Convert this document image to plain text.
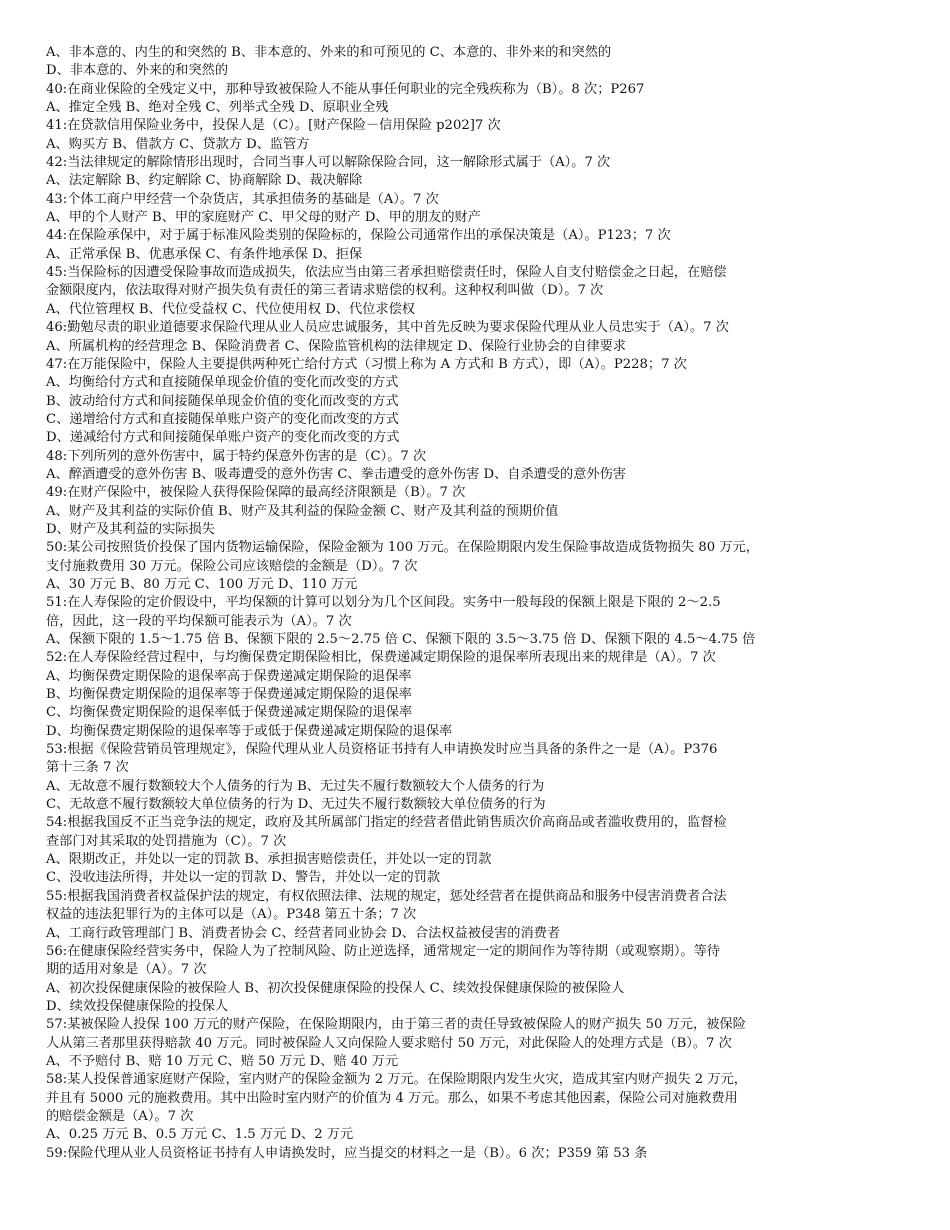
A、非本意的、内生的和突然的 B、非本意的、外来的和可预见的 C、本意的、非外来的和突然的
D、非本意的、外来的和突然的
40:在商业保险的全残定义中，那种导致被保险人不能从事任何职业的完全残疾称为（B）。8 次；P267
A、推定全残 B、绝对全残 C、列举式全残 D、原职业全残
41:在贷款信用保险业务中，投保人是（C）。[财产保险－信用保险 p202]7 次
A、购买方 B、借款方 C、贷款方 D、监管方
42:当法律规定的解除情形出现时，合同当事人可以解除保险合同，这一解除形式属于（A）。7 次
A、法定解除 B、约定解除 C、协商解除 D、裁决解除
43:个体工商户甲经营一个杂货店，其承担债务的基础是（A）。7 次
A、甲的个人财产 B、甲的家庭财产 C、甲父母的财产 D、甲的朋友的财产
44:在保险承保中，对于属于标准风险类别的保险标的，保险公司通常作出的承保决策是（A）。P123；7 次
A、正常承保 B、优惠承保 C、有条件地承保 D、拒保
45:当保险标的因遭受保险事故而造成损失，依法应当由第三者承担赔偿责任时，保险人自支付赔偿金之日起，在赔偿
金额限度内，依法取得对财产损失负有责任的第三者请求赔偿的权利。这种权利叫做（D）。7 次
A、代位管理权 B、代位受益权 C、代位使用权 D、代位求偿权
46:勤勉尽责的职业道德要求保险代理从业人员应忠诚服务，其中首先反映为要求保险代理从业人员忠实于（A）。7 次
A、所属机构的经营理念 B、保险消费者 C、保险监管机构的法律规定 D、保险行业协会的自律要求
47:在万能保险中，保险人主要提供两种死亡给付方式（习惯上称为 A 方式和 B 方式），即（A）。P228；7 次
A、均衡给付方式和直接随保单现金价值的变化而改变的方式
B、波动给付方式和间接随保单现金价值的变化而改变的方式
C、递增给付方式和直接随保单账户资产的变化而改变的方式
D、递减给付方式和间接随保单账户资产的变化而改变的方式
48:下列所列的意外伤害中，属于特约保意外伤害的是（C）。7 次
A、醉酒遭受的意外伤害 B、吸毒遭受的意外伤害 C、拳击遭受的意外伤害 D、自杀遭受的意外伤害
49:在财产保险中，被保险人获得保险保障的最高经济限额是（B）。7 次
A、财产及其利益的实际价值 B、财产及其利益的保险金额 C、财产及其利益的预期价值
D、财产及其利益的实际损失
50:某公司按照货价投保了国内货物运输保险，保险金额为 100 万元。在保险期限内发生保险事故造成货物损失 80 万元，
支付施救费用 30 万元。保险公司应该赔偿的金额是（D）。7 次
A、30 万元 B、80 万元 C、100 万元 D、110 万元
51:在人寿保险的定价假设中，平均保额的计算可以划分为几个区间段。实务中一般每段的保额上限是下限的 2～2.5
倍，因此，这一段的平均保额可能表示为（A）。7 次
A、保额下限的 1.5～1.75 倍 B、保额下限的 2.5～2.75 倍 C、保额下限的 3.5～3.75 倍 D、保额下限的 4.5～4.75 倍
52:在人寿保险经营过程中，与均衡保费定期保险相比，保费递减定期保险的退保率所表现出来的规律是（A）。7 次
A、均衡保费定期保险的退保率高于保费递减定期保险的退保率
B、均衡保费定期保险的退保率等于保费递减定期保险的退保率
C、均衡保费定期保险的退保率低于保费递减定期保险的退保率
D、均衡保费定期保险的退保率等于或低于保费递减定期保险的退保率
53:根据《保险营销员管理规定》，保险代理从业人员资格证书持有人申请换发时应当具备的条件之一是（A）。P376
第十三条 7 次
A、无故意不履行数额较大个人债务的行为 B、无过失不履行数额较大个人债务的行为
C、无故意不履行数额较大单位债务的行为 D、无过失不履行数额较大单位债务的行为
54:根据我国反不正当竞争法的规定，政府及其所属部门指定的经营者借此销售质次价高商品或者滥收费用的，监督检
查部门对其采取的处罚措施为（C）。7 次
A、限期改正，并处以一定的罚款 B、承担损害赔偿责任，并处以一定的罚款
C、没收违法所得，并处以一定的罚款 D、警告，并处以一定的罚款
55:根据我国消费者权益保护法的规定，有权依照法律、法规的规定，惩处经营者在提供商品和服务中侵害消费者合法
权益的违法犯罪行为的主体可以是（A）。P348 第五十条；7 次
A、工商行政管理部门 B、消费者协会 C、经营者同业协会 D、合法权益被侵害的消费者
56:在健康保险经营实务中，保险人为了控制风险、防止逆选择，通常规定一定的期间作为等待期（或观察期）。等待
期的适用对象是（A）。7 次
A、初次投保健康保险的被保险人 B、初次投保健康保险的投保人 C、续效投保健康保险的被保险人
D、续效投保健康保险的投保人
57:某被保险人投保 100 万元的财产保险，在保险期限内，由于第三者的责任导致被保险人的财产损失 50 万元，被保险
人从第三者那里获得赔款 40 万元。同时被保险人又向保险人要求赔付 50 万元，对此保险人的处理方式是（B）。7 次
A、不予赔付 B、赔 10 万元 C、赔 50 万元 D、赔 40 万元
58:某人投保普通家庭财产保险，室内财产的保险金额为 2 万元。在保险期限内发生火灾，造成其室内财产损失 2 万元，
并且有 5000 元的施救费用。其中出险时室内财产的价值为 4 万元。那么，如果不考虑其他因素，保险公司对施救费用
的赔偿金额是（A）。7 次
A、0.25 万元 B、0.5 万元 C、1.5 万元 D、2 万元
59:保险代理从业人员资格证书持有人申请换发时，应当提交的材料之一是（B）。6 次；P359 第 53 条
